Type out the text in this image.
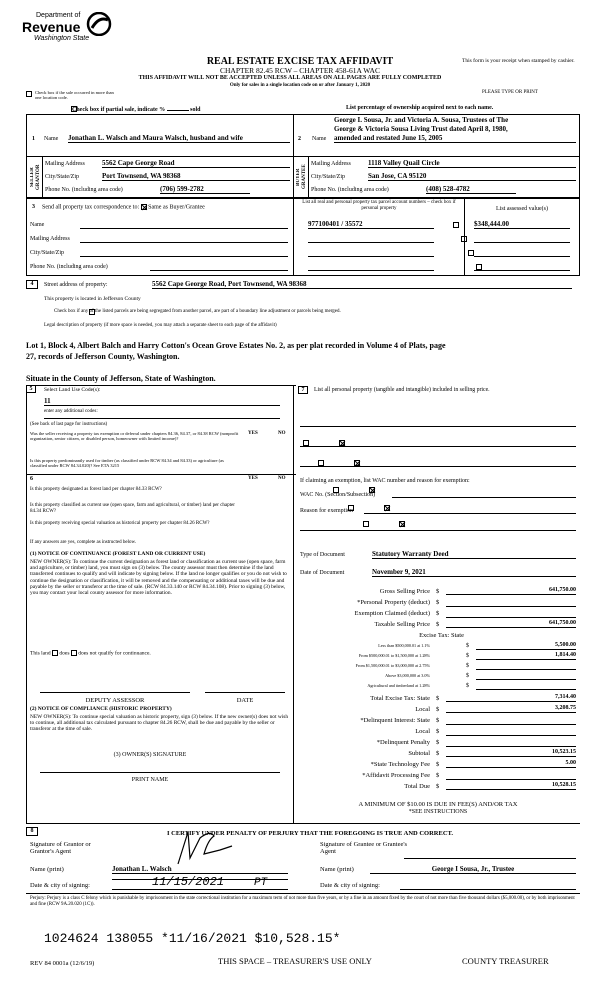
Department of
Revenue
Washington State
REAL ESTATE EXCISE TAX AFFIDAVIT
CHAPTER 82.45 RCW – CHAPTER 458-61A WAC
THIS AFFIDAVIT WILL NOT BE ACCEPTED UNLESS ALL AREAS ON ALL PAGES ARE FULLY COMPLETED
Only for sales in a single location code on or after January 1, 2020
This form is your receipt when stamped by cashier.
PLEASE TYPE OR PRINT

Check box if the sale occurred in more than one location code.

Check box if partial sale, indicate %	sold	List percentage of ownership acquired next to each name.
1 Name Jonathan L. Walsch and Maura Walsch, husband and wife
SELLER GRANTOR
Mailing Address 5562 Cape George Road
City/State/Zip	Port Townsend, WA 98368
Phone No. (including area code)	(706) 599-2782
2 Name
George I. Sousa, Jr. and Victoria A. Sousa, Trustees of The
George & Victoria Sousa Living Trust dated April 8, 1980,
amended and restated June 15, 2005
BUYER GRANTEE
Mailing Address 1118 Valley Quail Circle
City/State/Zip	San Jose, CA 95120
Phone No. (including area code)	(408) 528-4782
3 Send all property tax correspondence to: Same as Buyer/Grantee
Name
Mailing Address
City/State/Zip
Phone No. (including area code)
List all real and personal property tax parcel account numbers – check box if personal property	List assessed value(s)
977100401 / 35572
	$348,444.00

4	Street address of property:	5562 Cape George Road, Port Townsend, WA 98368
This property is located in Jefferson County

Check box if any of the listed parcels are being segregated from another parcel, are part of a boundary line adjustment or parcels being merged.
Legal description of property (if more space is needed, you may attach a separate sheet to each page of the affidavit)
Lot 1, Block 4, Albert Balch and Harry Cotton's Ocean Grove Estates No. 2, as per plat recorded in Volume 4 of Plats, page
27, records of Jefferson County, Washington.
Situate in the County of Jefferson, State of Washington.
5	Select Land Use Code(s):
11
enter any additional codes:
(See back of last page for instructions)
YES	NO
Was the seller receiving a property tax exemption or deferral under chapters 84.36, 84.37, or 84.38 RCW (nonprofit organization, senior citizen, or disabled person, homeowner with limited income)?

Is this property predominantly used for timber (as classified under RCW 84.34 and 84.33) or agriculture (as classified under RCW 84.34.020)? See ETA 3215

6	YES	NO
Is this property designated as forest land per chapter 84.33 RCW?

Is this property classified as current use (open space, farm and agricultural, or timber) land per chapter 84.34 RCW?

Is this property receiving special valuation as historical property per chapter 84.26 RCW?

If any answers are yes, complete as instructed below.
(1) NOTICE OF CONTINUANCE (FOREST LAND OR CURRENT USE)
NEW OWNER(S): To continue the current designation as forest land or classification as current use (open space, farm and agriculture, or timber) land, you must sign on (3) below. The county assessor must then determine if the land transferred continues to qualify and will indicate by signing below. If the land no longer qualifies or you do not wish to continue the designation or classification, it will be removed and the compensating or additional taxes will be due and payable by the seller or transferor at the time of sale. (RCW 84.33.140 or RCW 84.34.108). Prior to signing (3) below, you may contact your local county assessor for more information.
This land does does not qualify for continuance.
DEPUTY ASSESSOR	DATE
(2) NOTICE OF COMPLIANCE (HISTORIC PROPERTY)
NEW OWNER(S): To continue special valuation as historic property, sign (3) below. If the new owner(s) does not wish to continue, all additional tax calculated pursuant to chapter 84.26 RCW, shall be due and payable by the seller or transferor at the time of sale.
(3) OWNER(S) SIGNATURE
PRINT NAME
7	List all personal property (tangible and intangible) included in selling price.
If claiming an exemption, list WAC number and reason for exemption:
WAC No. (Section/Subsection)
Reason for exemption
Type of Document	Statutory Warranty Deed
Date of Document	November 9, 2021
Gross Selling Price $	641,750.00
*Personal Property (deduct) $
Exemption Claimed (deduct) $
Taxable Selling Price $	641,750.00
Excise Tax: State
Less than $500,000.01 at 1.1%	$	5,500.00
From $500,000.01 to $1,500,000 at 1.28%	$	1,814.40
From $1,500,000.01 to $3,000,000 at 2.75%	$
Above $3,000,000 at 3.0%	$
Agricultural and timberland at 1.28%	$
Total Excise Tax: State $	7,314.40
Local $	3,208.75
*Delinquent Interest: State $
Local $
*Delinquent Penalty $
Subtotal $	10,523.15
*State Technology Fee $	5.00
*Affidavit Processing Fee $
Total Due $	10,528.15
A MINIMUM OF $10.00 IS DUE IN FEE(S) AND/OR TAX
*SEE INSTRUCTIONS
8	I CERTIFY UNDER PENALTY OF PERJURY THAT THE FOREGOING IS TRUE AND CORRECT.
Signature of Grantor or Grantor's Agent
Signature of Grantee or Grantee's Agent
Name (print)	Jonathan L. Walsch	Name (print)	George I Sousa, Jr., Trustee
Date & city of signing:	11/15/2021	PT	Date & city of signing:
Perjury: Perjury is a class C felony which is punishable by imprisonment in the state correctional institution for a maximum term of not more than five years, or by a fine in an amount fixed by the court of not more than five thousand dollars ($5,000.00), or by both imprisonment and fine (RCW 9A.20.020 (1C)).
1024624 138055 *11/16/2021 $10,528.15*
REV 84 0001a (12/6/19)	THIS SPACE – TREASURER'S USE ONLY	COUNTY TREASURER
